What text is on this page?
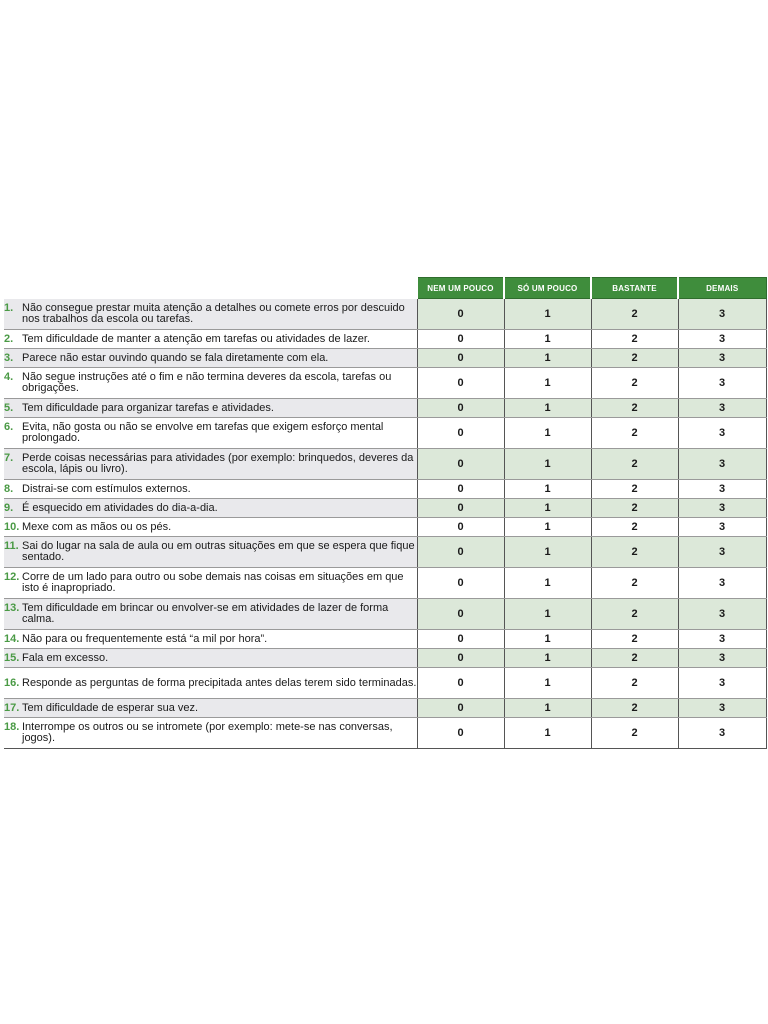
	NEM UM POUCO	SÓ UM POUCO	BASTANTE	DEMAIS

1. Não consegue prestar muita atenção a detalhes ou comete erros por descuido nos trabalhos da escola ou tarefas.	0	1	2	3

2. Tem dificuldade de manter a atenção em tarefas ou atividades de lazer.	0	1	2	3

3. Parece não estar ouvindo quando se fala diretamente com ela.	0	1	2	3

4. Não segue instruções até o fim e não termina deveres da escola, tarefas ou obrigações.	0	1	2	3

5. Tem dificuldade para organizar tarefas e atividades.	0	1	2	3

6. Evita, não gosta ou não se envolve em tarefas que exigem esforço mental prolongado.	0	1	2	3

7. Perde coisas necessárias para atividades (por exemplo: brinquedos, deveres da escola, lápis ou livro).	0	1	2	3

8. Distrai-se com estímulos externos.	0	1	2	3

9. É esquecido em atividades do dia-a-dia.	0	1	2	3

10. Mexe com as mãos ou os pés.	0	1	2	3

11. Sai do lugar na sala de aula ou em outras situações em que se espera que fique sentado.	0	1	2	3

12. Corre de um lado para outro ou sobe demais nas coisas em situações em que isto é inapropriado.	0	1	2	3

13. Tem dificuldade em brincar ou envolver-se em atividades de lazer de forma calma.	0	1	2	3

14. Não para ou frequentemente está “a mil por hora”.	0	1	2	3

15. Fala em excesso.	0	1	2	3

16. Responde as perguntas de forma precipitada antes delas terem sido terminadas.	0	1	2	3

17. Tem dificuldade de esperar sua vez.	0	1	2	3

18. Interrompe os outros ou se intromete (por exemplo: mete-se nas conversas, jogos).	0	1	2	3
